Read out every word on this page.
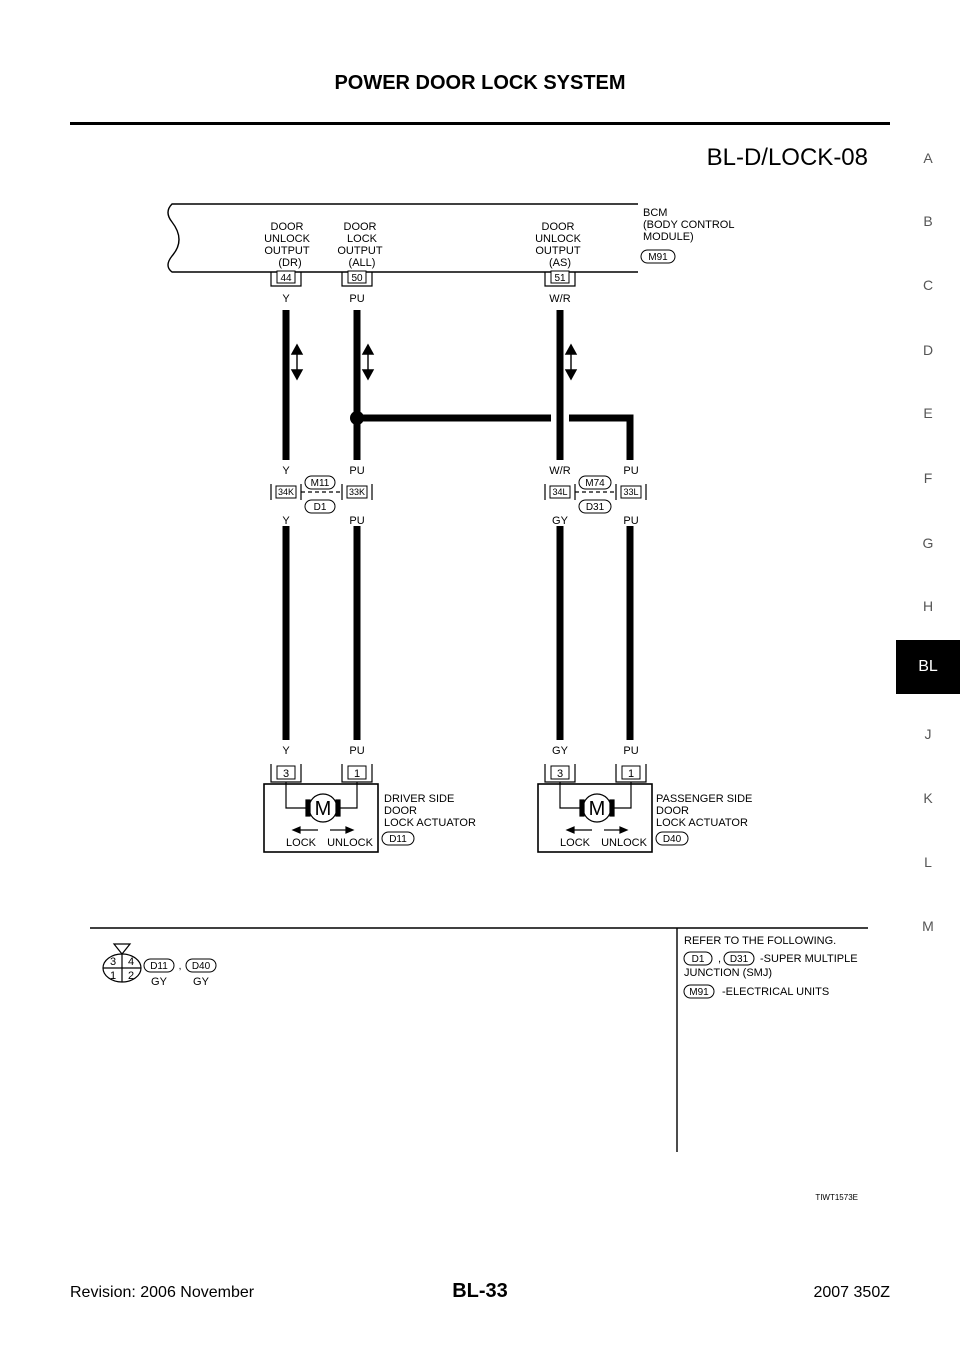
POWER DOOR LOCK SYSTEM
BL-D/LOCK-08	A
B
C
D
E
F
G
H
BL
J
K
L
M
DOOR
UNLOCK
OUTPUT
(DR)
DOOR
LOCK
OUTPUT
(ALL)
DOOR
UNLOCK
OUTPUT
(AS)
BCM
(BODY CONTROL
MODULE)
M91
44	50	51
Y	PU	W/R
Y	PU
Y	PU
34K	33K
M11
D1
W/R	PU
GY	PU
34L	33L
M74
D31
Y	PU
3	1
M
LOCK UNLOCK
DRIVER SIDE
DOOR
LOCK ACTUATOR
D11
GY	PU
3	1
M
LOCK UNLOCK
PASSENGER SIDE
DOOR
LOCK ACTUATOR
D40
3 4
1 2
D11 , D40
GY GY
REFER TO THE FOLLOWING.
D1 , D31 -SUPER MULTIPLE
JUNCTION (SMJ)
M91 -ELECTRICAL UNITS
TIWT1573E
Revision: 2006 November	BL-33	2007 350Z
